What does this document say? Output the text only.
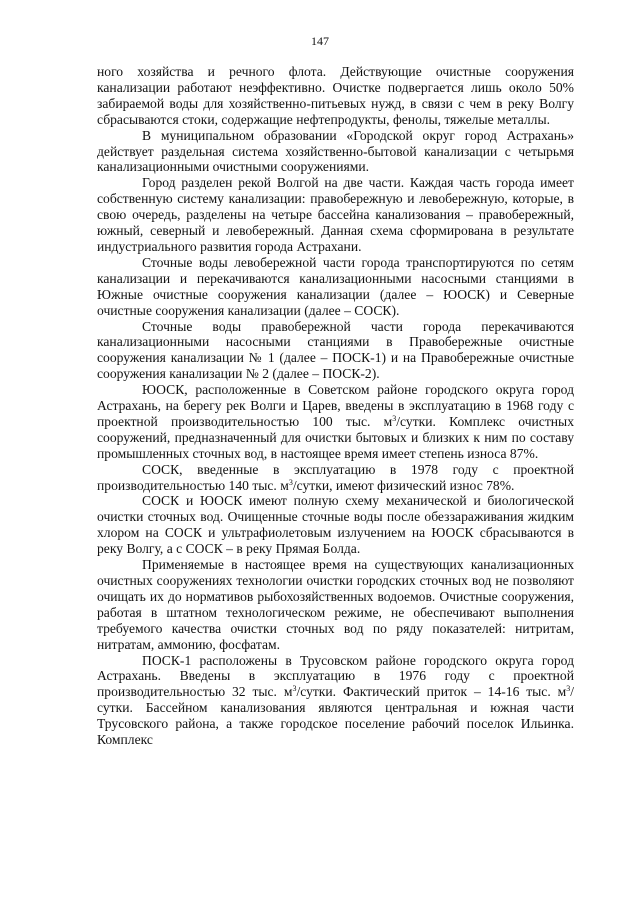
147

ного хозяйства и речного флота. Действующие очистные сооружения канализации работают неэффективно. Очистке подвергается лишь около 50% забираемой воды для хозяйственно-питьевых нужд, в связи с чем в реку Волгу сбрасываются стоки, содержащие нефтепродукты, фенолы, тяжелые металлы.

В муниципальном образовании «Городской округ город Астрахань» действует раздельная система хозяйственно-бытовой канализации с четырьмя канализационными очистными сооружениями.

Город разделен рекой Волгой на две части. Каждая часть города имеет собственную систему канализации: правобережную и левобережную, которые, в свою очередь, разделены на четыре бассейна канализования – правобережный, южный, северный и левобережный. Данная схема сформирована в результате индустриального развития города Астрахани.

Сточные воды левобережной части города транспортируются по сетям канализации и перекачиваются канализационными насосными станциями в Южные очистные сооружения канализации (далее – ЮОСК) и Северные очистные сооружения канализации (далее – СОСК).

Сточные воды правобережной части города перекачиваются канализационными насосными станциями в Правобережные очистные сооружения канализации № 1 (далее – ПОСК-1) и на Правобережные очистные сооружения канализации № 2 (далее – ПОСК-2).

ЮОСК, расположенные в Советском районе городского округа город Астрахань, на берегу рек Волги и Царев, введены в эксплуатацию в 1968 году с проектной производительностью 100 тыс. $м^3$/сутки. Комплекс очистных сооружений, предназначенный для очистки бытовых и близких к ним по составу промышленных сточных вод, в настоящее время имеет степень износа 87%.

СОСК, введенные в эксплуатацию в 1978 году с проектной производительностью 140 тыс. $м^3$/сутки, имеют физический износ 78%.

СОСК и ЮОСК имеют полную схему механической и биологической очистки сточных вод. Очищенные сточные воды после обеззараживания жидким хлором на СОСК и ультрафиолетовым излучением на ЮОСК сбрасываются в реку Волгу, а с СОСК – в реку Прямая Болда.

Применяемые в настоящее время на существующих канализационных очистных сооружениях технологии очистки городских сточных вод не позволяют очищать их до нормативов рыбохозяйственных водоемов. Очистные сооружения, работая в штатном технологическом режиме, не обеспечивают выполнения требуемого качества очистки сточных вод по ряду показателей: нитритам, нитратам, аммонию, фосфатам.

ПОСК-1 расположены в Трусовском районе городского округа город Астрахань. Введены в эксплуатацию в 1976 году с проектной производительностью 32 тыс. $м^3$/сутки. Фактический приток – 14-16 тыс. $м^3$/сутки. Бассейном канализования являются центральная и южная части Трусовского района, а также городское поселение рабочий поселок Ильинка. Комплекс
